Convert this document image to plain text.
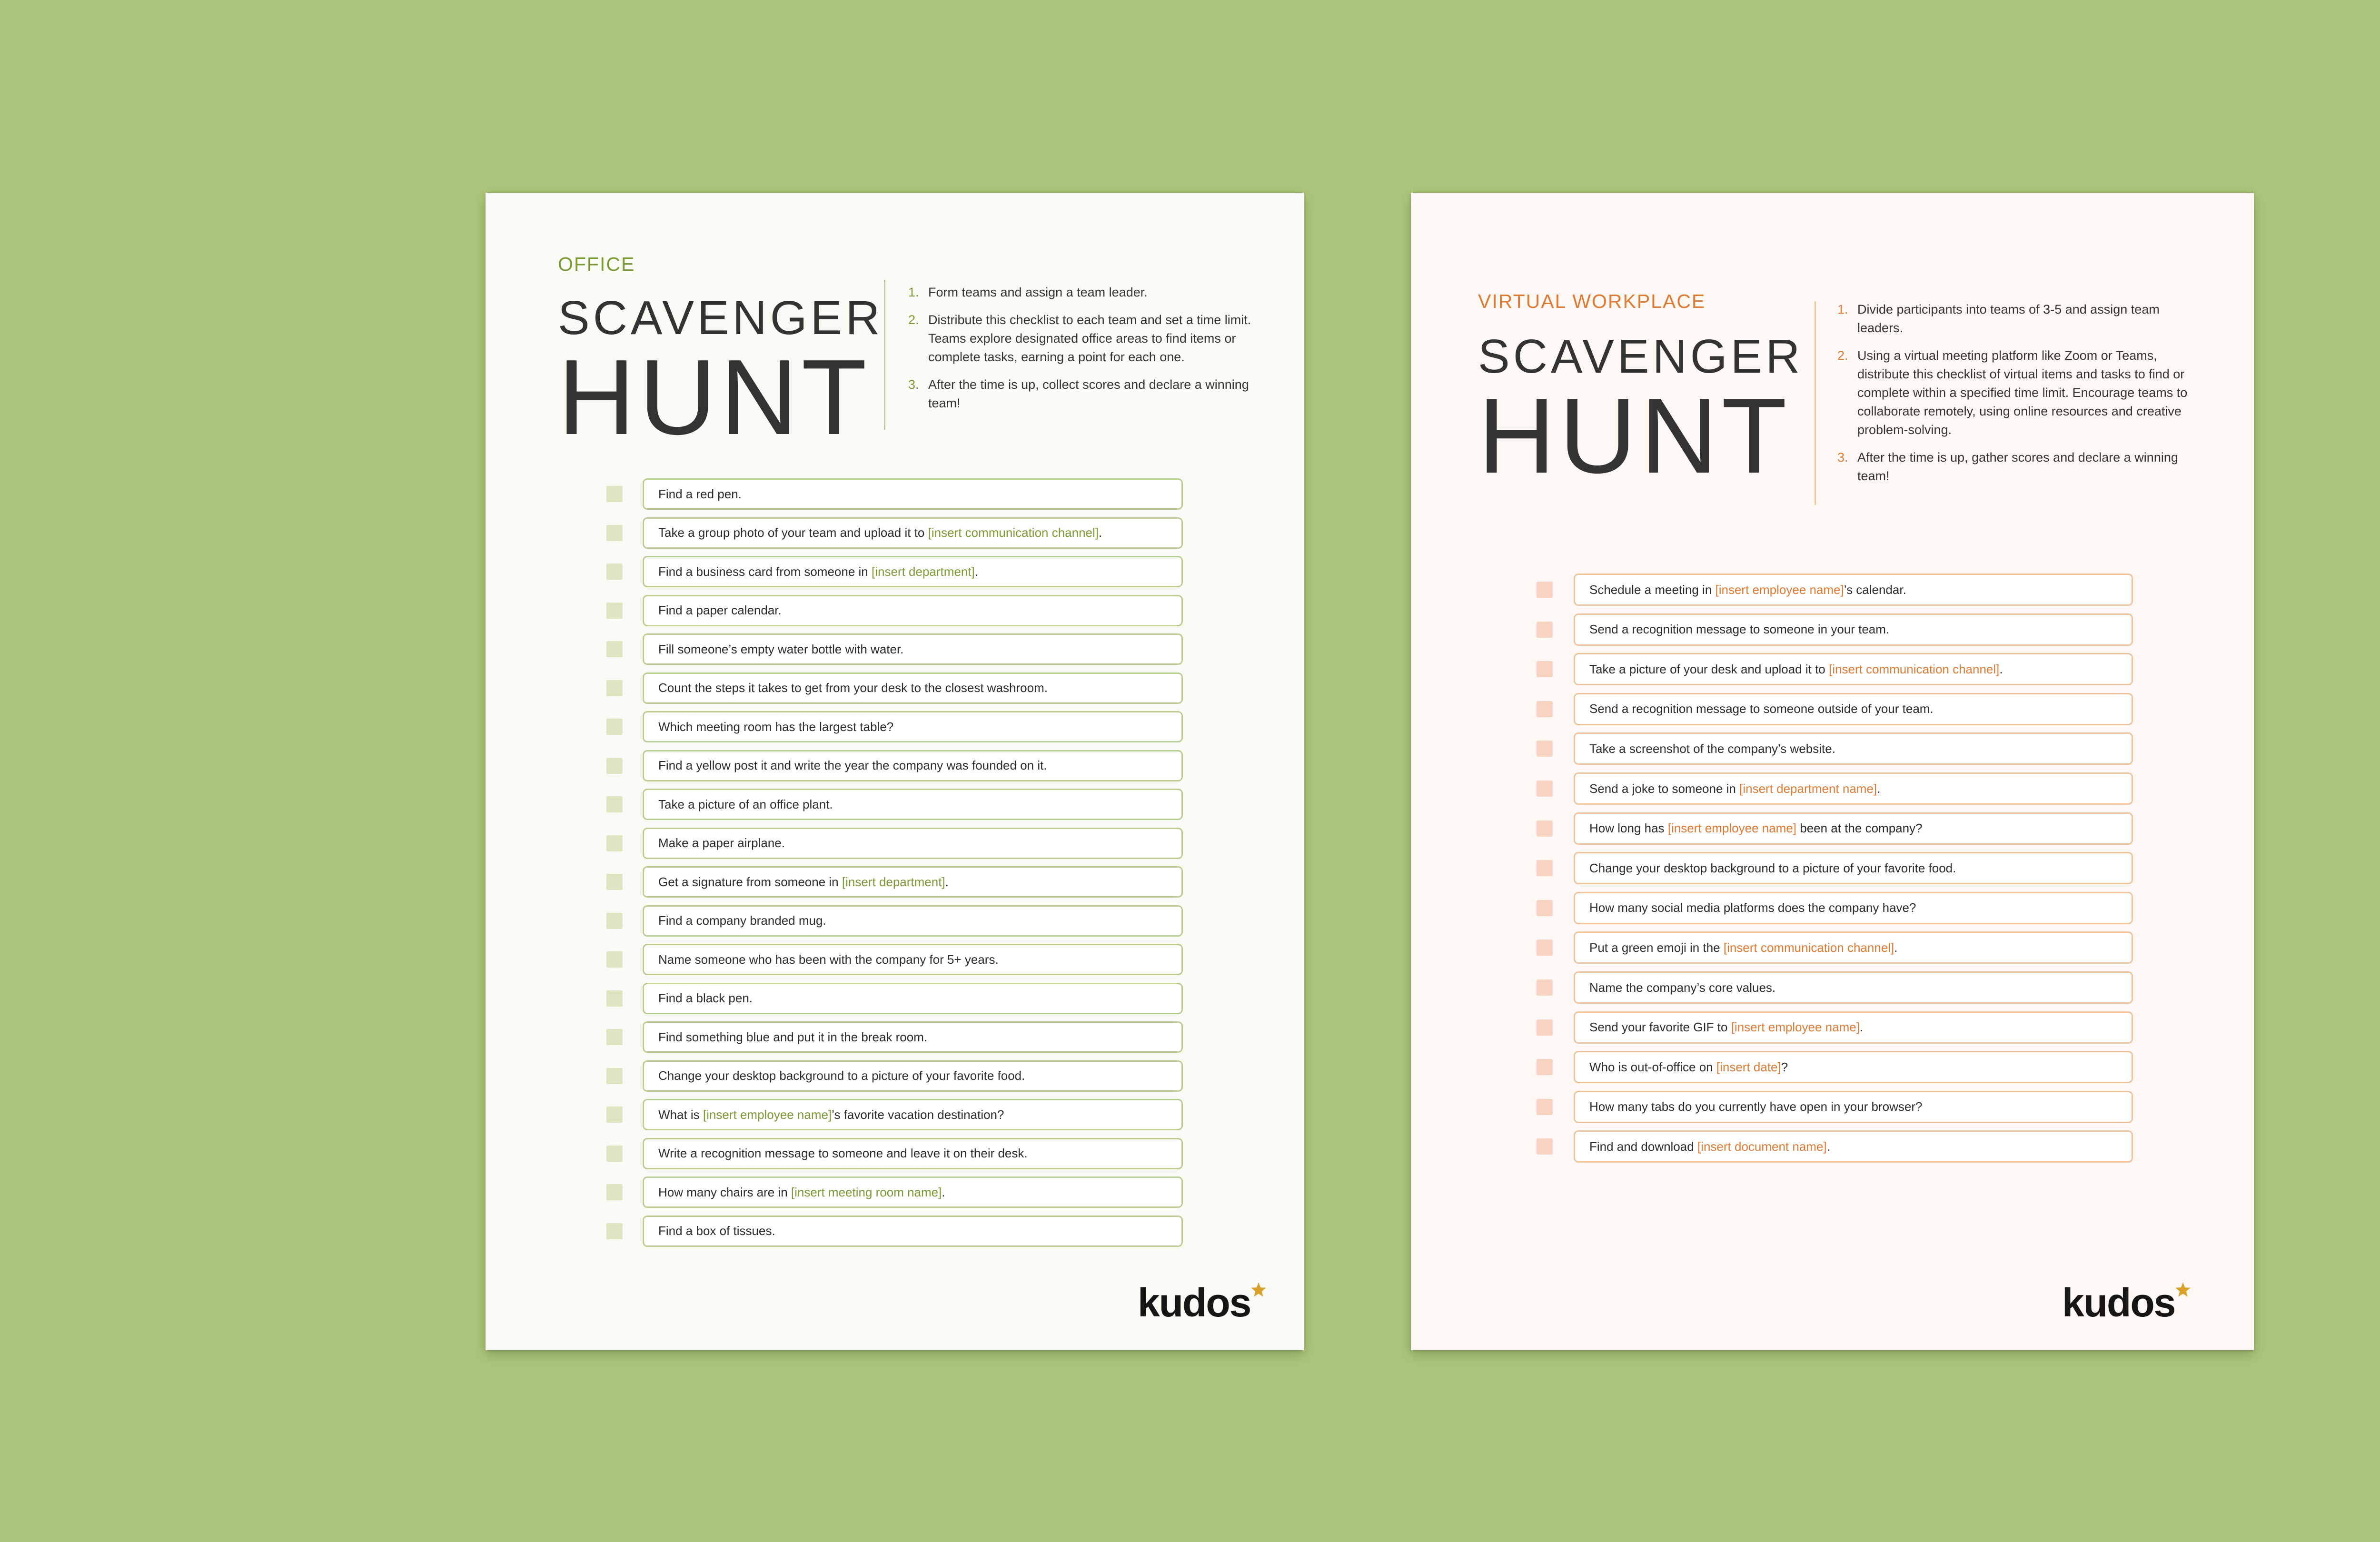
OFFICE
SCAVENGER
HUNT
1. Form teams and assign a team leader.
2. Distribute this checklist to each team and set a time limit. Teams explore designated office areas to find items or complete tasks, earning a point for each one.
3. After the time is up, collect scores and declare a winning team!
Find a red pen.
Take a group photo of your team and upload it to [insert communication channel] .
Find a business card from someone in [insert department] .
Find a paper calendar.
Fill someone’s empty water bottle with water.
Count the steps it takes to get from your desk to the closest washroom.
Which meeting room has the largest table?
Find a yellow post it and write the year the company was founded on it.
Take a picture of an office plant.
Make a paper airplane.
Get a signature from someone in [insert department] .
Find a company branded mug.
Name someone who has been with the company for 5+ years.
Find a black pen.
Find something blue and put it in the break room.
Change your desktop background to a picture of your favorite food.
What is [insert employee name] ’s favorite vacation destination?
Write a recognition message to someone and leave it on their desk.
How many chairs are in [insert meeting room name] .
Find a box of tissues.
kudos
VIRTUAL WORKPLACE
SCAVENGER
HUNT
1. Divide participants into teams of 3-5 and assign team leaders.
2. Using a virtual meeting platform like Zoom or Teams, distribute this checklist of virtual items and tasks to find or complete within a specified time limit. Encourage teams to collaborate remotely, using online resources and creative problem-solving.
3. After the time is up, gather scores and declare a winning team!
Schedule a meeting in [insert employee name] ’s calendar.
Send a recognition message to someone in your team.
Take a picture of your desk and upload it to [insert communication channel] .
Send a recognition message to someone outside of your team.
Take a screenshot of the company’s website.
Send a joke to someone in [insert department name] .
How long has [insert employee name] been at the company?
Change your desktop background to a picture of your favorite food.
How many social media platforms does the company have?
Put a green emoji in the [insert communication channel] .
Name the company’s core values.
Send your favorite GIF to [insert employee name] .
Who is out-of-office on [insert date] ?
How many tabs do you currently have open in your browser?
Find and download [insert document name] .
kudos
